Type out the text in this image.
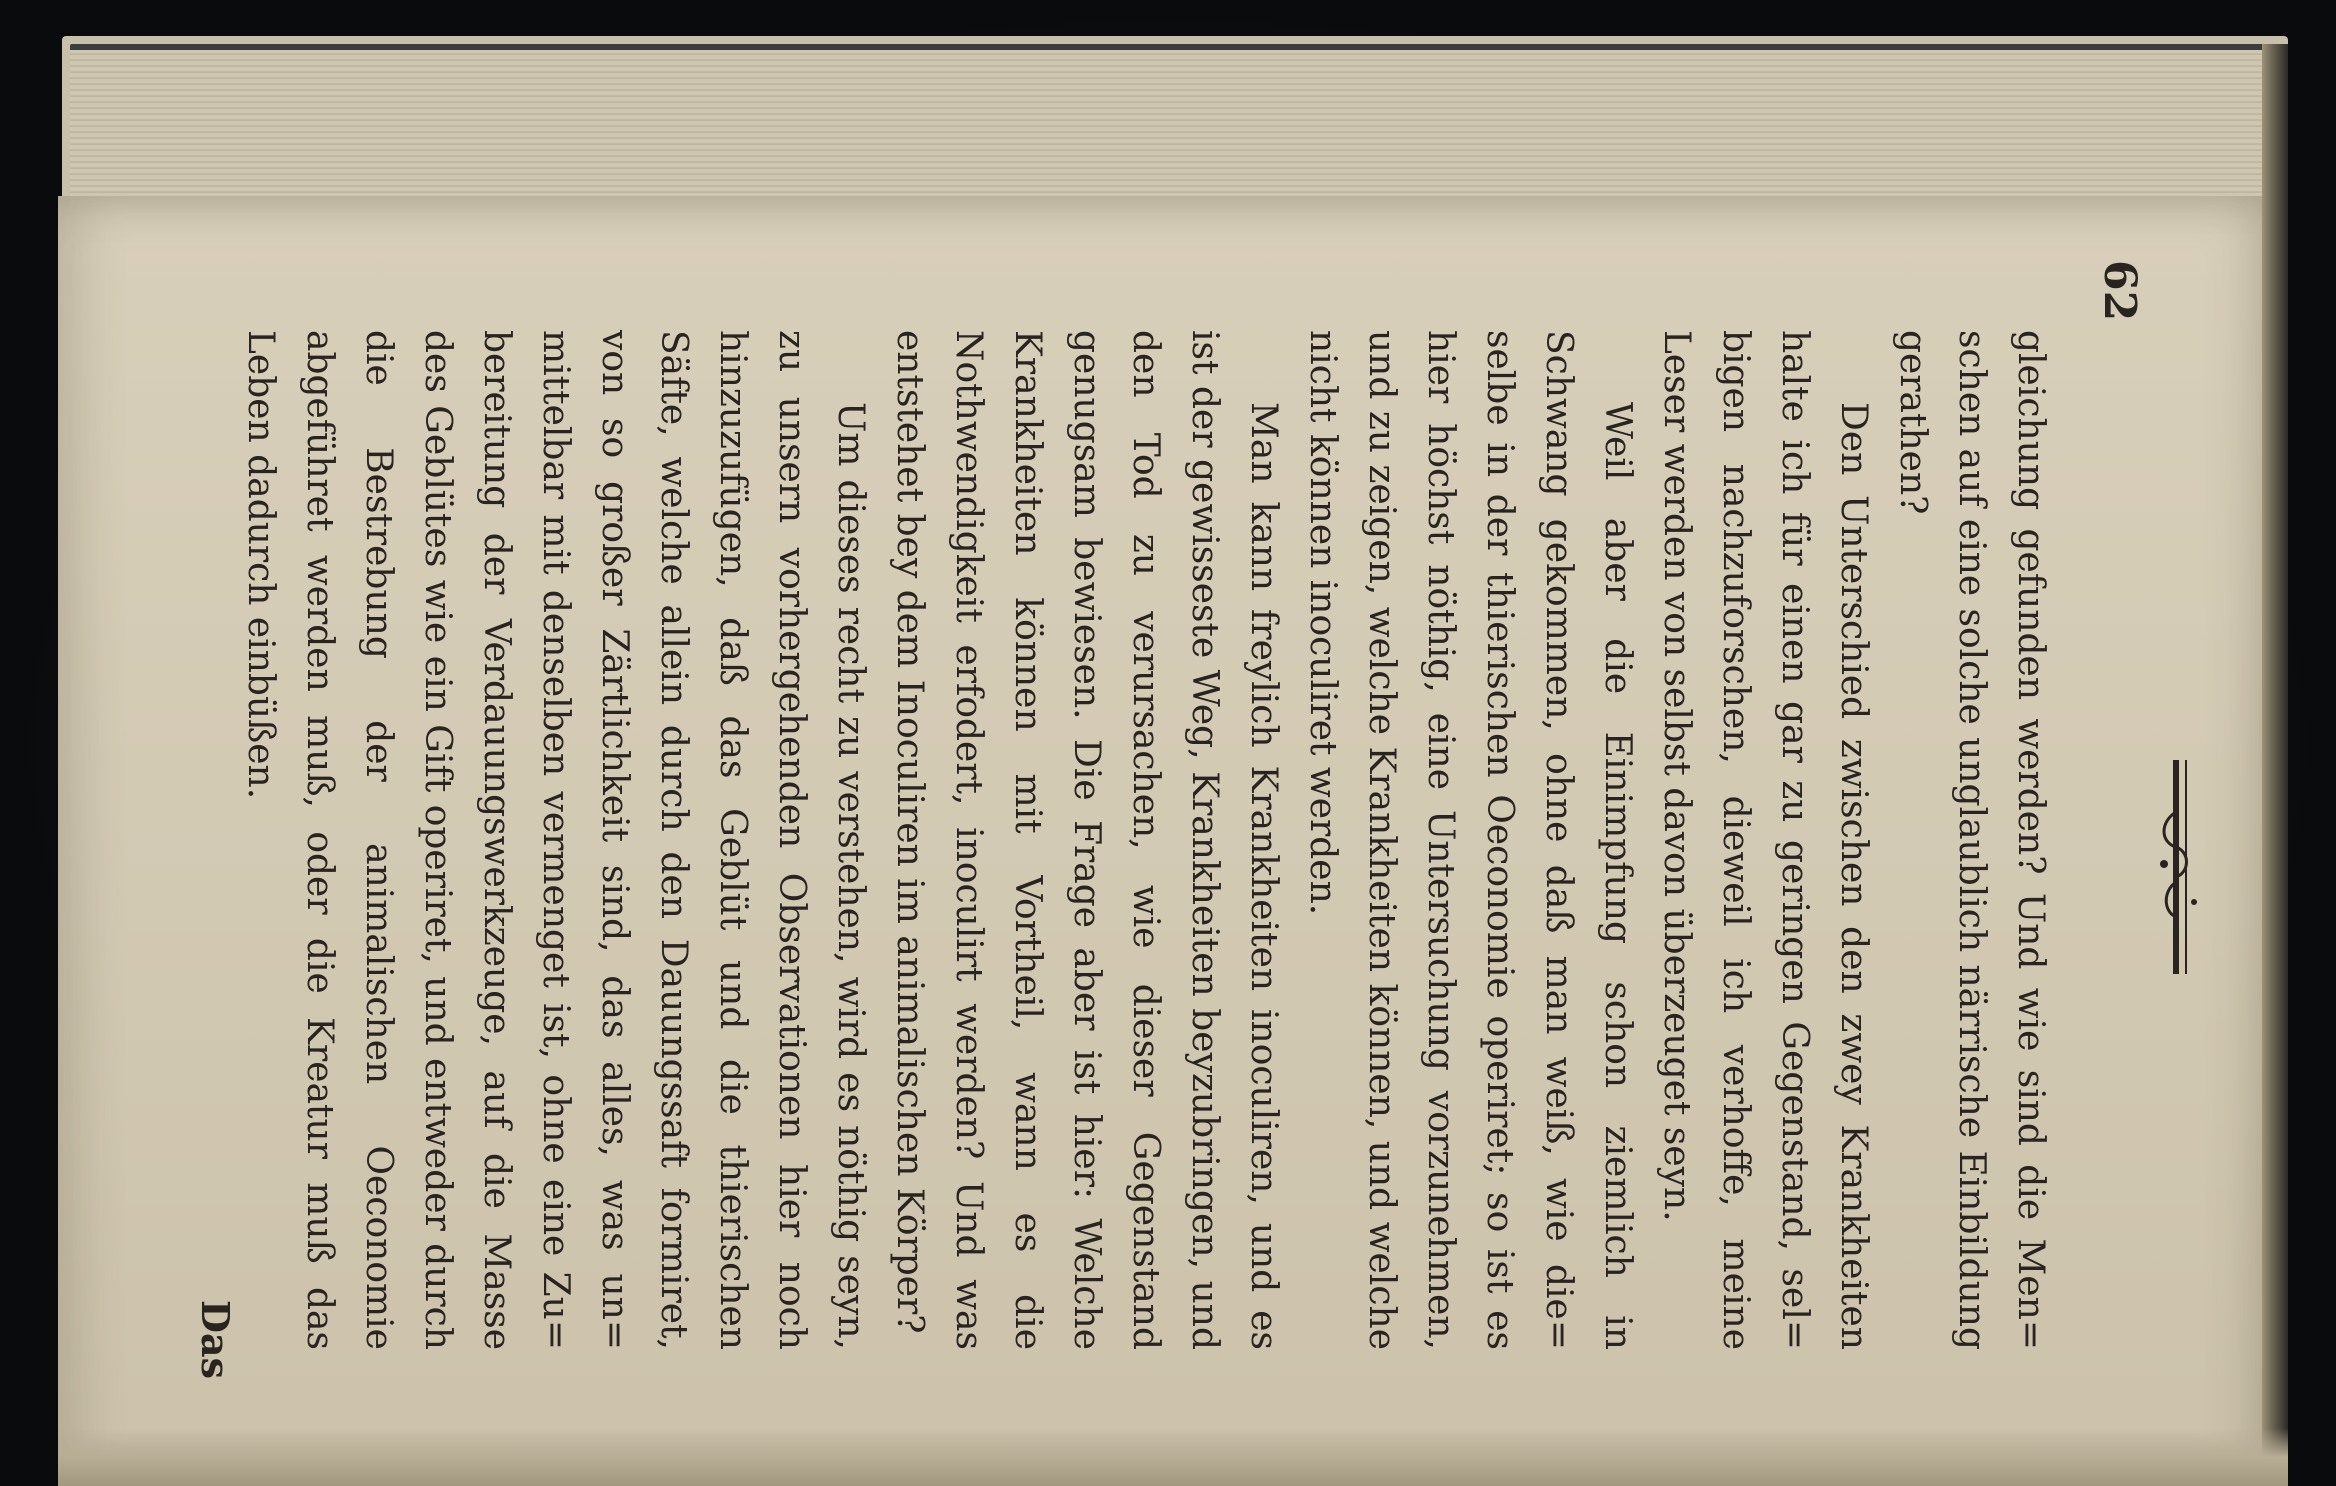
62

gleichung gefunden werden? Und wie sind die Men= schen auf eine solche unglaublich närrische Einbildung gerathen?

Den Unterschied zwischen den zwey Krankheiten halte ich für einen gar zu geringen Gegenstand, sel= bigen nachzuforschen, dieweil ich verhoffe, meine Leser werden von selbst davon überzeuget seyn.

Weil aber die Einimpfung schon ziemlich in Schwang gekommen, ohne daß man weiß, wie die= selbe in der thierischen Oeconomie operiret; so ist es hier höchst nöthig, eine Untersuchung vorzunehmen, und zu zeigen, welche Krankheiten können, und welche nicht können inoculiret werden.

Man kann freylich Krankheiten inoculiren, und es ist der gewisseste Weg, Krankheiten beyzubringen, und den Tod zu verursachen, wie dieser Gegenstand genugsam bewiesen. Die Frage aber ist hier: Welche Krankheiten können mit Vortheil, wann es die Nothwendigkeit erfodert, inoculirt werden? Und was entstehet bey dem Inoculiren im animalischen Körper?

Um dieses recht zu verstehen, wird es nöthig seyn, zu unsern vorhergehenden Observationen hier noch hinzuzufügen, daß das Geblüt und die thierischen Säfte, welche allein durch den Dauungssaft formiret, von so großer Zärtlichkeit sind, das alles, was un= mittelbar mit denselben vermenget ist, ohne eine Zu= bereitung der Verdauungswerkzeuge, auf die Masse des Geblütes wie ein Gift operiret, und entweder durch die Bestrebung der animalischen Oeconomie abgeführet werden muß, oder die Kreatur muß das Leben dadurch einbüßen.

Das
